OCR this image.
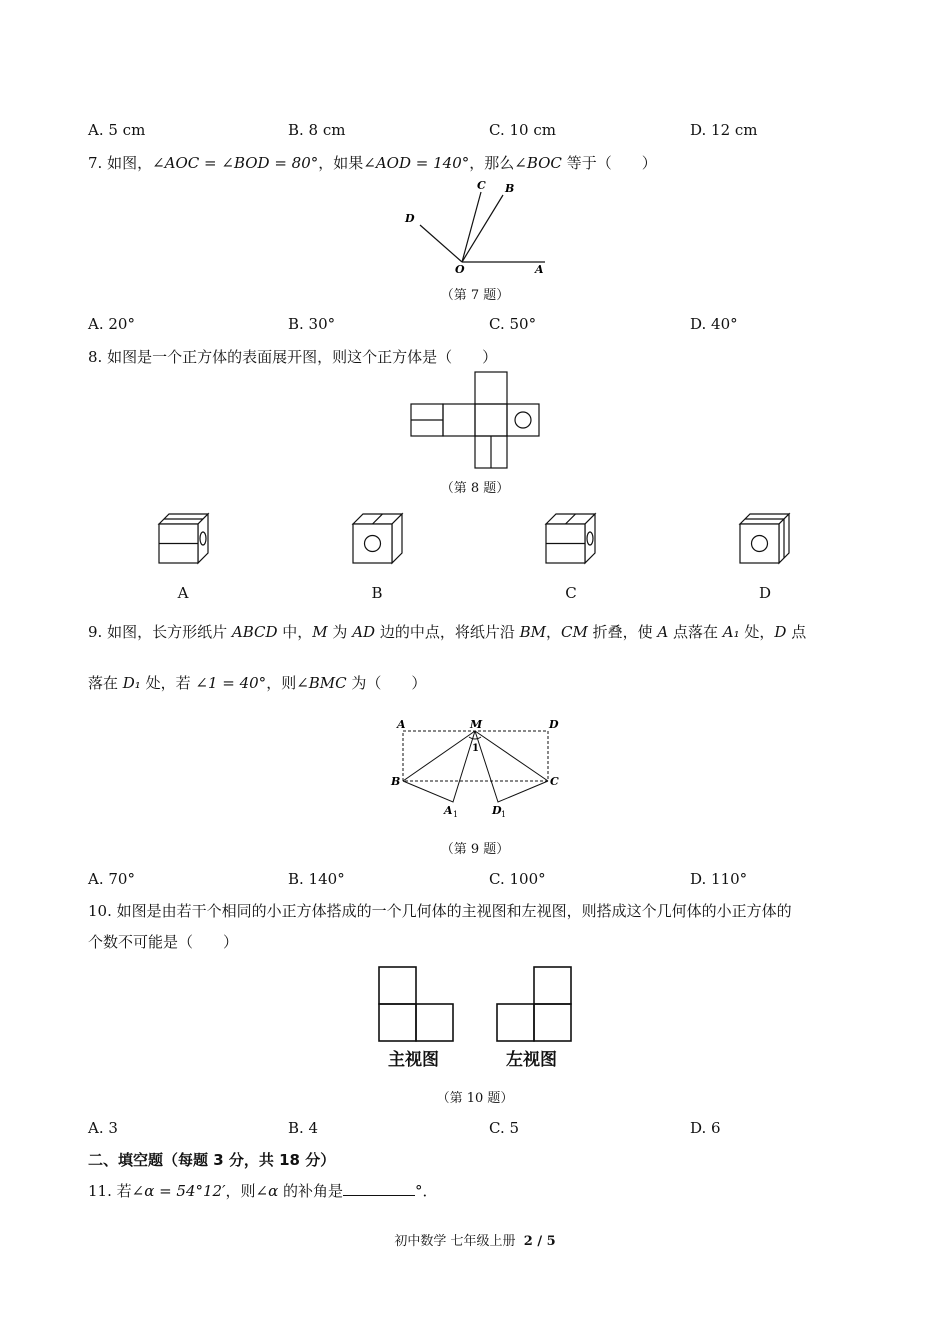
A. 5 cm	B. 8 cm	C. 10 cm	D. 12 cm
7. 如图，∠AOC = ∠BOD = 80°，如果∠AOD = 140°，那么∠BOC 等于（　　）
D
C B
O	A
（第 7 题）
A. 20°	B. 30°	C. 50°	D. 40°
8. 如图是一个正方体的表面展开图，则这个正方体是（　　）
（第 8 题）
A	B	C	D
9. 如图，长方形纸片 ABCD 中，M 为 AD 边的中点，将纸片沿 BM，CM 折叠，使 A 点落在 A₁ 处，D 点
落在 D₁ 处，若 ∠1 = 40°，则∠BMC 为（　　）
A	M	D
B	C
1
A 1	D 1
（第 9 题）
A. 70°	B. 140°	C. 100°	D. 110°
10. 如图是由若干个相同的小正方体搭成的一个几何体的主视图和左视图，则搭成这个几何体的小正方体的
个数不可能是（　　）
主视图	左视图
（第 10 题）
A. 3	B. 4	C. 5	D. 6
二、填空题（每题 3 分，共 18 分）
11. 若∠α = 54°12′，则∠α 的补角是	°．
初中数学 七年级上册 2 / 5
